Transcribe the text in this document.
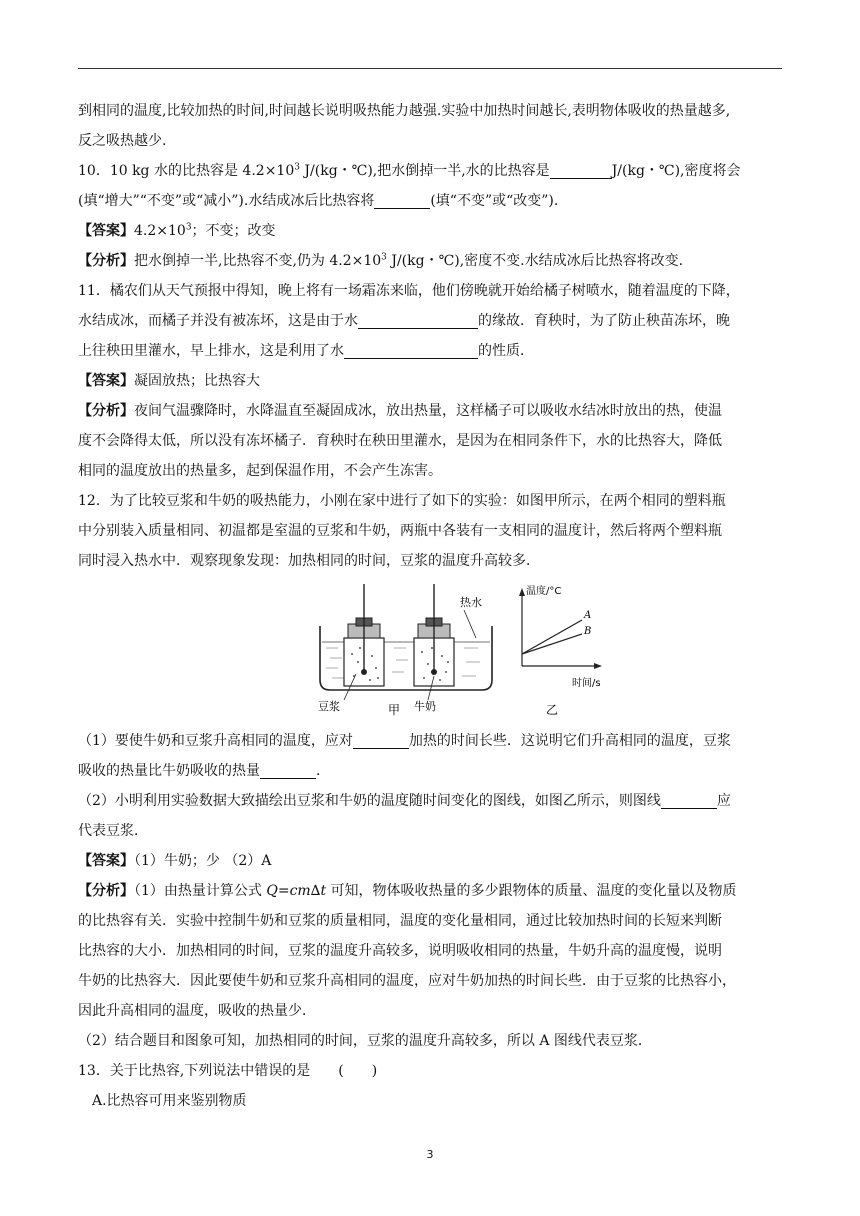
到相同的温度,比较加热的时间,时间越长说明吸热能力越强.实验中加热时间越长,表明物体吸收的热量越多,
反之吸热越少.
10．10 kg 水的比热容是 $4.2\times 10^3$ J/(kg・℃),把水倒掉一半,水的比热容是	J/(kg・℃),密度将会
(填“增大”“不变”或“减小”).水结成冰后比热容将	(填“不变”或“改变”).
【答案】$4.2\times 10^3$；不变；改变
【分析】把水倒掉一半,比热容不变,仍为 $4.2\times 10^3$ J/(kg・℃),密度不变.水结成冰后比热容将改变.
11．橘农们从天气预报中得知，晚上将有一场霜冻来临，他们傍晚就开始给橘子树喷水，随着温度的下降，
水结成冰，而橘子并没有被冻坏，这是由于水	的缘故．育秧时，为了防止秧苗冻坏，晚
上往秧田里灌水，早上排水，这是利用了水	的性质．
【答案】凝固放热；比热容大
【分析】夜间气温骤降时，水降温直至凝固成冰，放出热量，这样橘子可以吸收水结冰时放出的热，使温
度不会降得太低，所以没有冻坏橘子．育秧时在秧田里灌水，是因为在相同条件下，水的比热容大，降低
相同的温度放出的热量多，起到保温作用，不会产生冻害。
12．为了比较豆浆和牛奶的吸热能力，小刚在家中进行了如下的实验：如图甲所示，在两个相同的塑料瓶
中分别装入质量相同、初温都是室温的豆浆和牛奶，两瓶中各装有一支相同的温度计，然后将两个塑料瓶
同时浸入热水中．观察现象发现：加热相同的时间，豆浆的温度升高较多．
热水
豆浆	牛奶
甲
温度/°C
A
B
时间/s
乙
（1）要使牛奶和豆浆升高相同的温度，应对	加热的时间长些．这说明它们升高相同的温度，豆浆
吸收的热量比牛奶吸收的热量	．
（2）小明利用实验数据大致描绘出豆浆和牛奶的温度随时间变化的图线，如图乙所示，则图线	应
代表豆浆．
【答案】（1）牛奶；少 （2）A
【分析】（1）由热量计算公式 Q=cm∆t 可知，物体吸收热量的多少跟物体的质量、温度的变化量以及物质
的比热容有关．实验中控制牛奶和豆浆的质量相同，温度的变化量相同，通过比较加热时间的长短来判断
比热容的大小．加热相同的时间，豆浆的温度升高较多，说明吸收相同的热量，牛奶升高的温度慢，说明
牛奶的比热容大．因此要使牛奶和豆浆升高相同的温度，应对牛奶加热的时间长些．由于豆浆的比热容小，
因此升高相同的温度，吸收的热量少．
（2）结合题目和图象可知，加热相同的时间，豆浆的温度升高较多，所以 A 图线代表豆浆．
13．关于比热容,下列说法中错误的是　　(　　)
A.比热容可用来鉴别物质
3
